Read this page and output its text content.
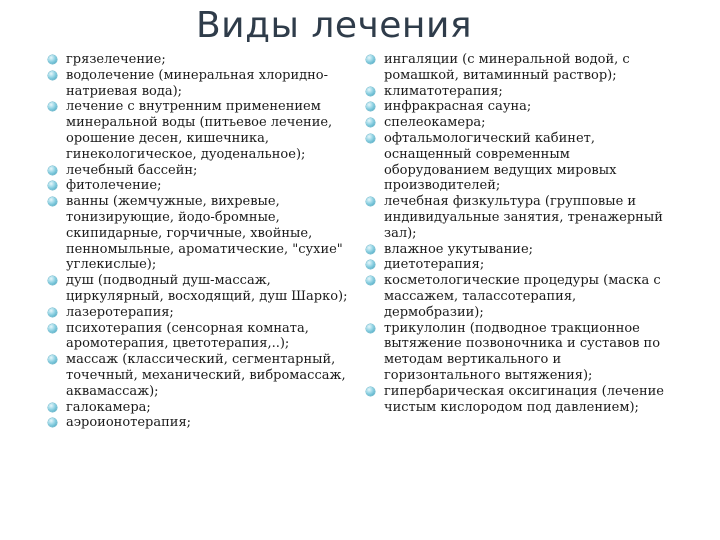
Виды лечения
грязелечение;
водолечение (минеральная хлоридно-натриевая вода);
лечение с внутренним применением минеральной воды (питьевое лечение, орошение десен, кишечника, гинекологическое, дуоденальное);
лечебный бассейн;
фитолечение;
ванны (жемчужные, вихревые, тонизирующие, йодо-бромные, скипидарные, горчичные, хвойные, пенномыльные, ароматические, "сухие" углекислые);
душ (подводный душ-массаж, циркулярный, восходящий, душ Шарко);
лазеротерапия;
психотерапия (сенсорная комната, аромотерапия, цветотерапия,..);
массаж (классический, сегментарный, точечный, механический, вибромассаж, аквамассаж);
галокамера;
аэроионотерапия;
ингаляции (с минеральной водой, с ромашкой, витаминный раствор);
климатотерапия;
инфракрасная сауна;
спелеокамера;
офтальмологический кабинет, оснащенный современным оборудованием ведущих мировых производителей;
лечебная физкультура (групповые и индивидуальные занятия, тренажерный зал);
влажное укутывание;
диетотерапия;
косметологические процедуры (маска с массажем, талассотерапия, дермобразии);
трикулолин (подводное тракционное вытяжение позвоночника и суставов по методам вертикального и горизонтального вытяжения);
гипербарическая оксигинация (лечение чистым кислородом под давлением);
